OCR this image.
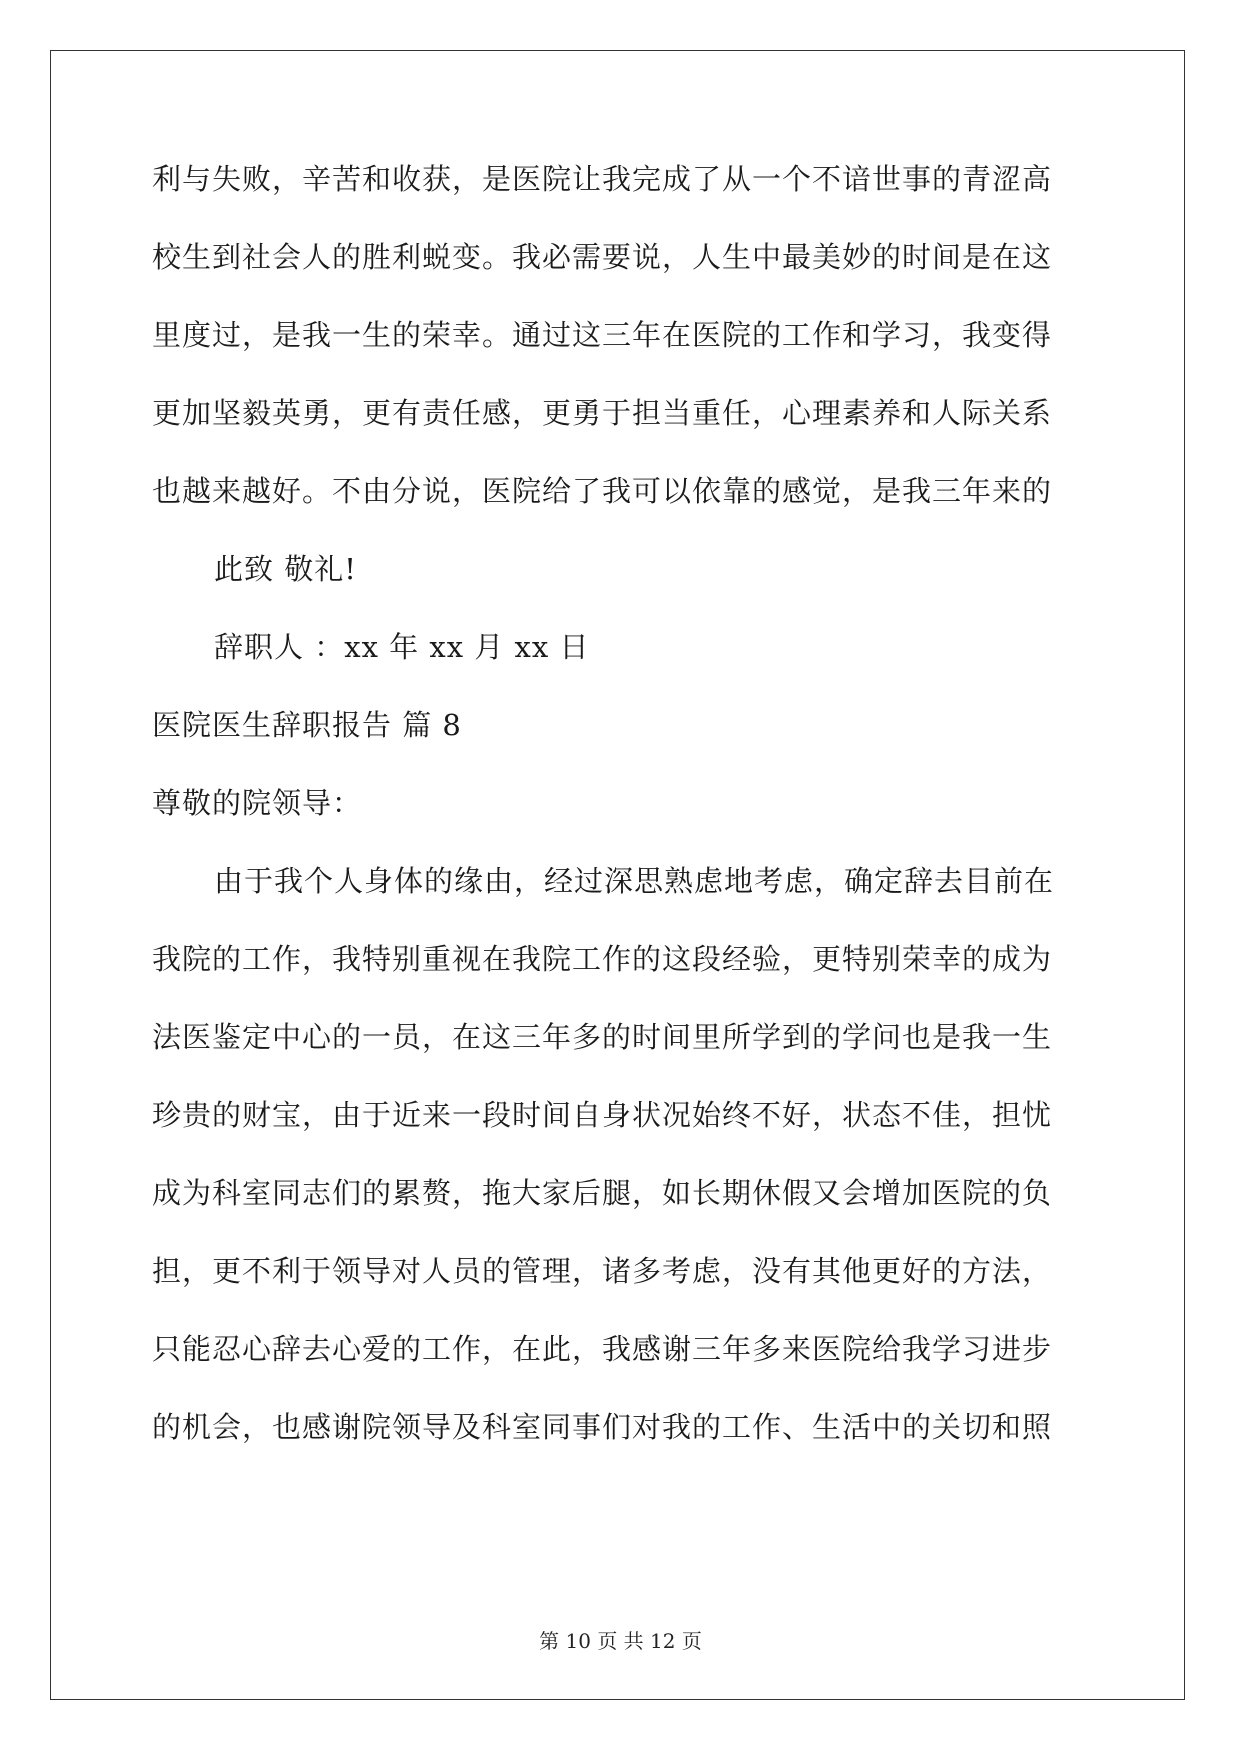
利与失败，辛苦和收获，是医院让我完成了从一个不谙世事的青涩高
校生到社会人的胜利蜕变。我必需要说，人生中最美妙的时间是在这
里度过，是我一生的荣幸。通过这三年在医院的工作和学习，我变得
更加坚毅英勇，更有责任感，更勇于担当重任，心理素养和人际关系
也越来越好。不由分说，医院给了我可以依靠的感觉，是我三年来的
此致 敬礼!
辞职人 ：xx 年 xx 月 xx 日
医院医生辞职报告 篇 8
尊敬的院领导：
由于我个人身体的缘由，经过深思熟虑地考虑，确定辞去目前在
我院的工作，我特别重视在我院工作的这段经验，更特别荣幸的成为
法医鉴定中心的一员，在这三年多的时间里所学到的学问也是我一生
珍贵的财宝，由于近来一段时间自身状况始终不好，状态不佳，担忧
成为科室同志们的累赘，拖大家后腿，如长期休假又会增加医院的负
担，更不利于领导对人员的管理，诸多考虑，没有其他更好的方法，
只能忍心辞去心爱的工作，在此，我感谢三年多来医院给我学习进步
的机会，也感谢院领导及科室同事们对我的工作、生活中的关切和照
第 10 页 共 12 页
